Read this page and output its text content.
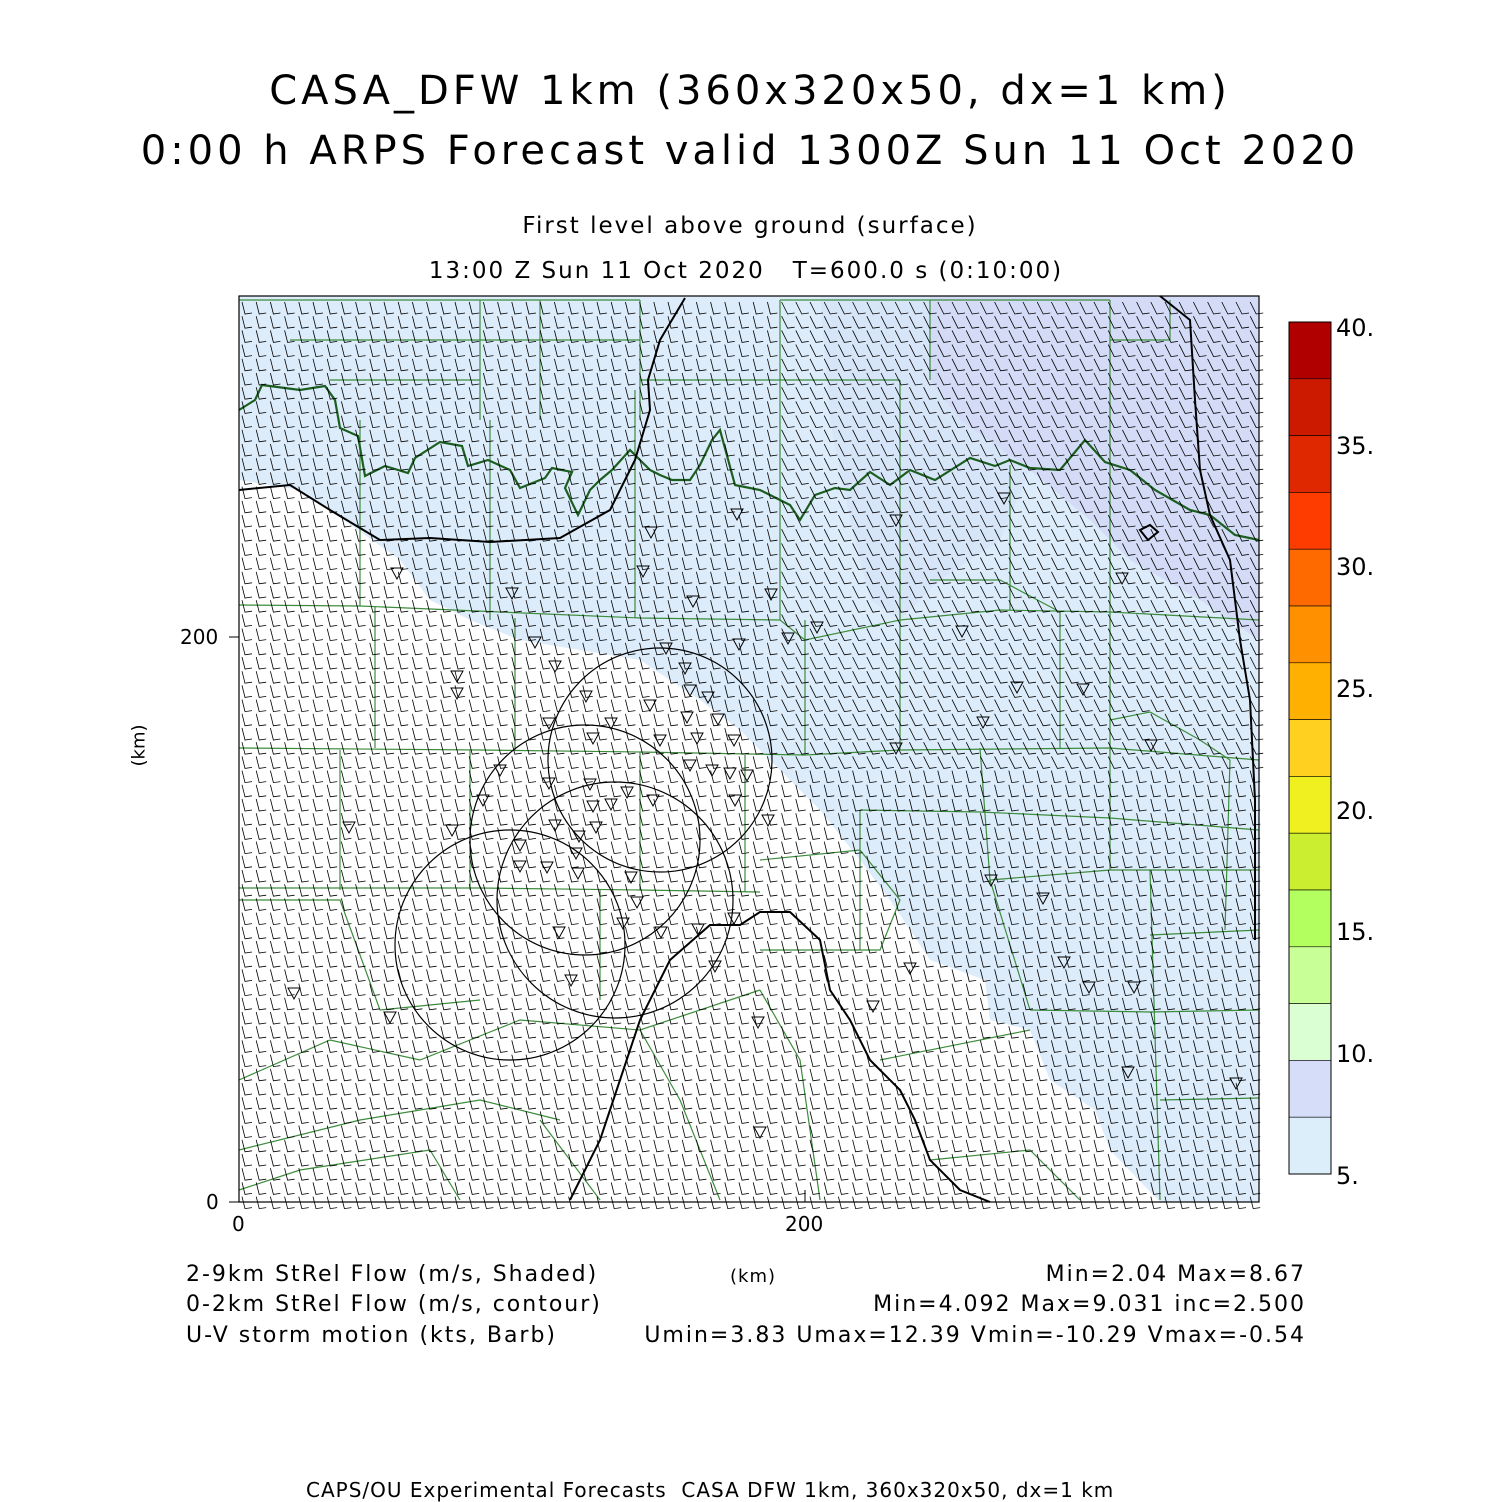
CASA_DFW 1km (360x320x50, dx=1 km)
0:00 h ARPS Forecast valid 1300Z Sun 11 Oct 2020
First level above ground (surface)
13:00 Z Sun 11 Oct 2020   T=600.0 s (0:10:00)
0	200
0
200
(km)
40.
35.
30.
25.
20.
15.
10.
5.
2-9km StRel Flow (m/s, Shaded)	(km)	Min=2.04 Max=8.67
0-2km StRel Flow (m/s, contour)	Min=4.092 Max=9.031 inc=2.500
U-V storm motion (kts, Barb)	Umin=3.83 Umax=12.39 Vmin=-10.29 Vmax=-0.54
CAPS/OU Experimental Forecasts  CASA DFW 1km, 360x320x50, dx=1 km
